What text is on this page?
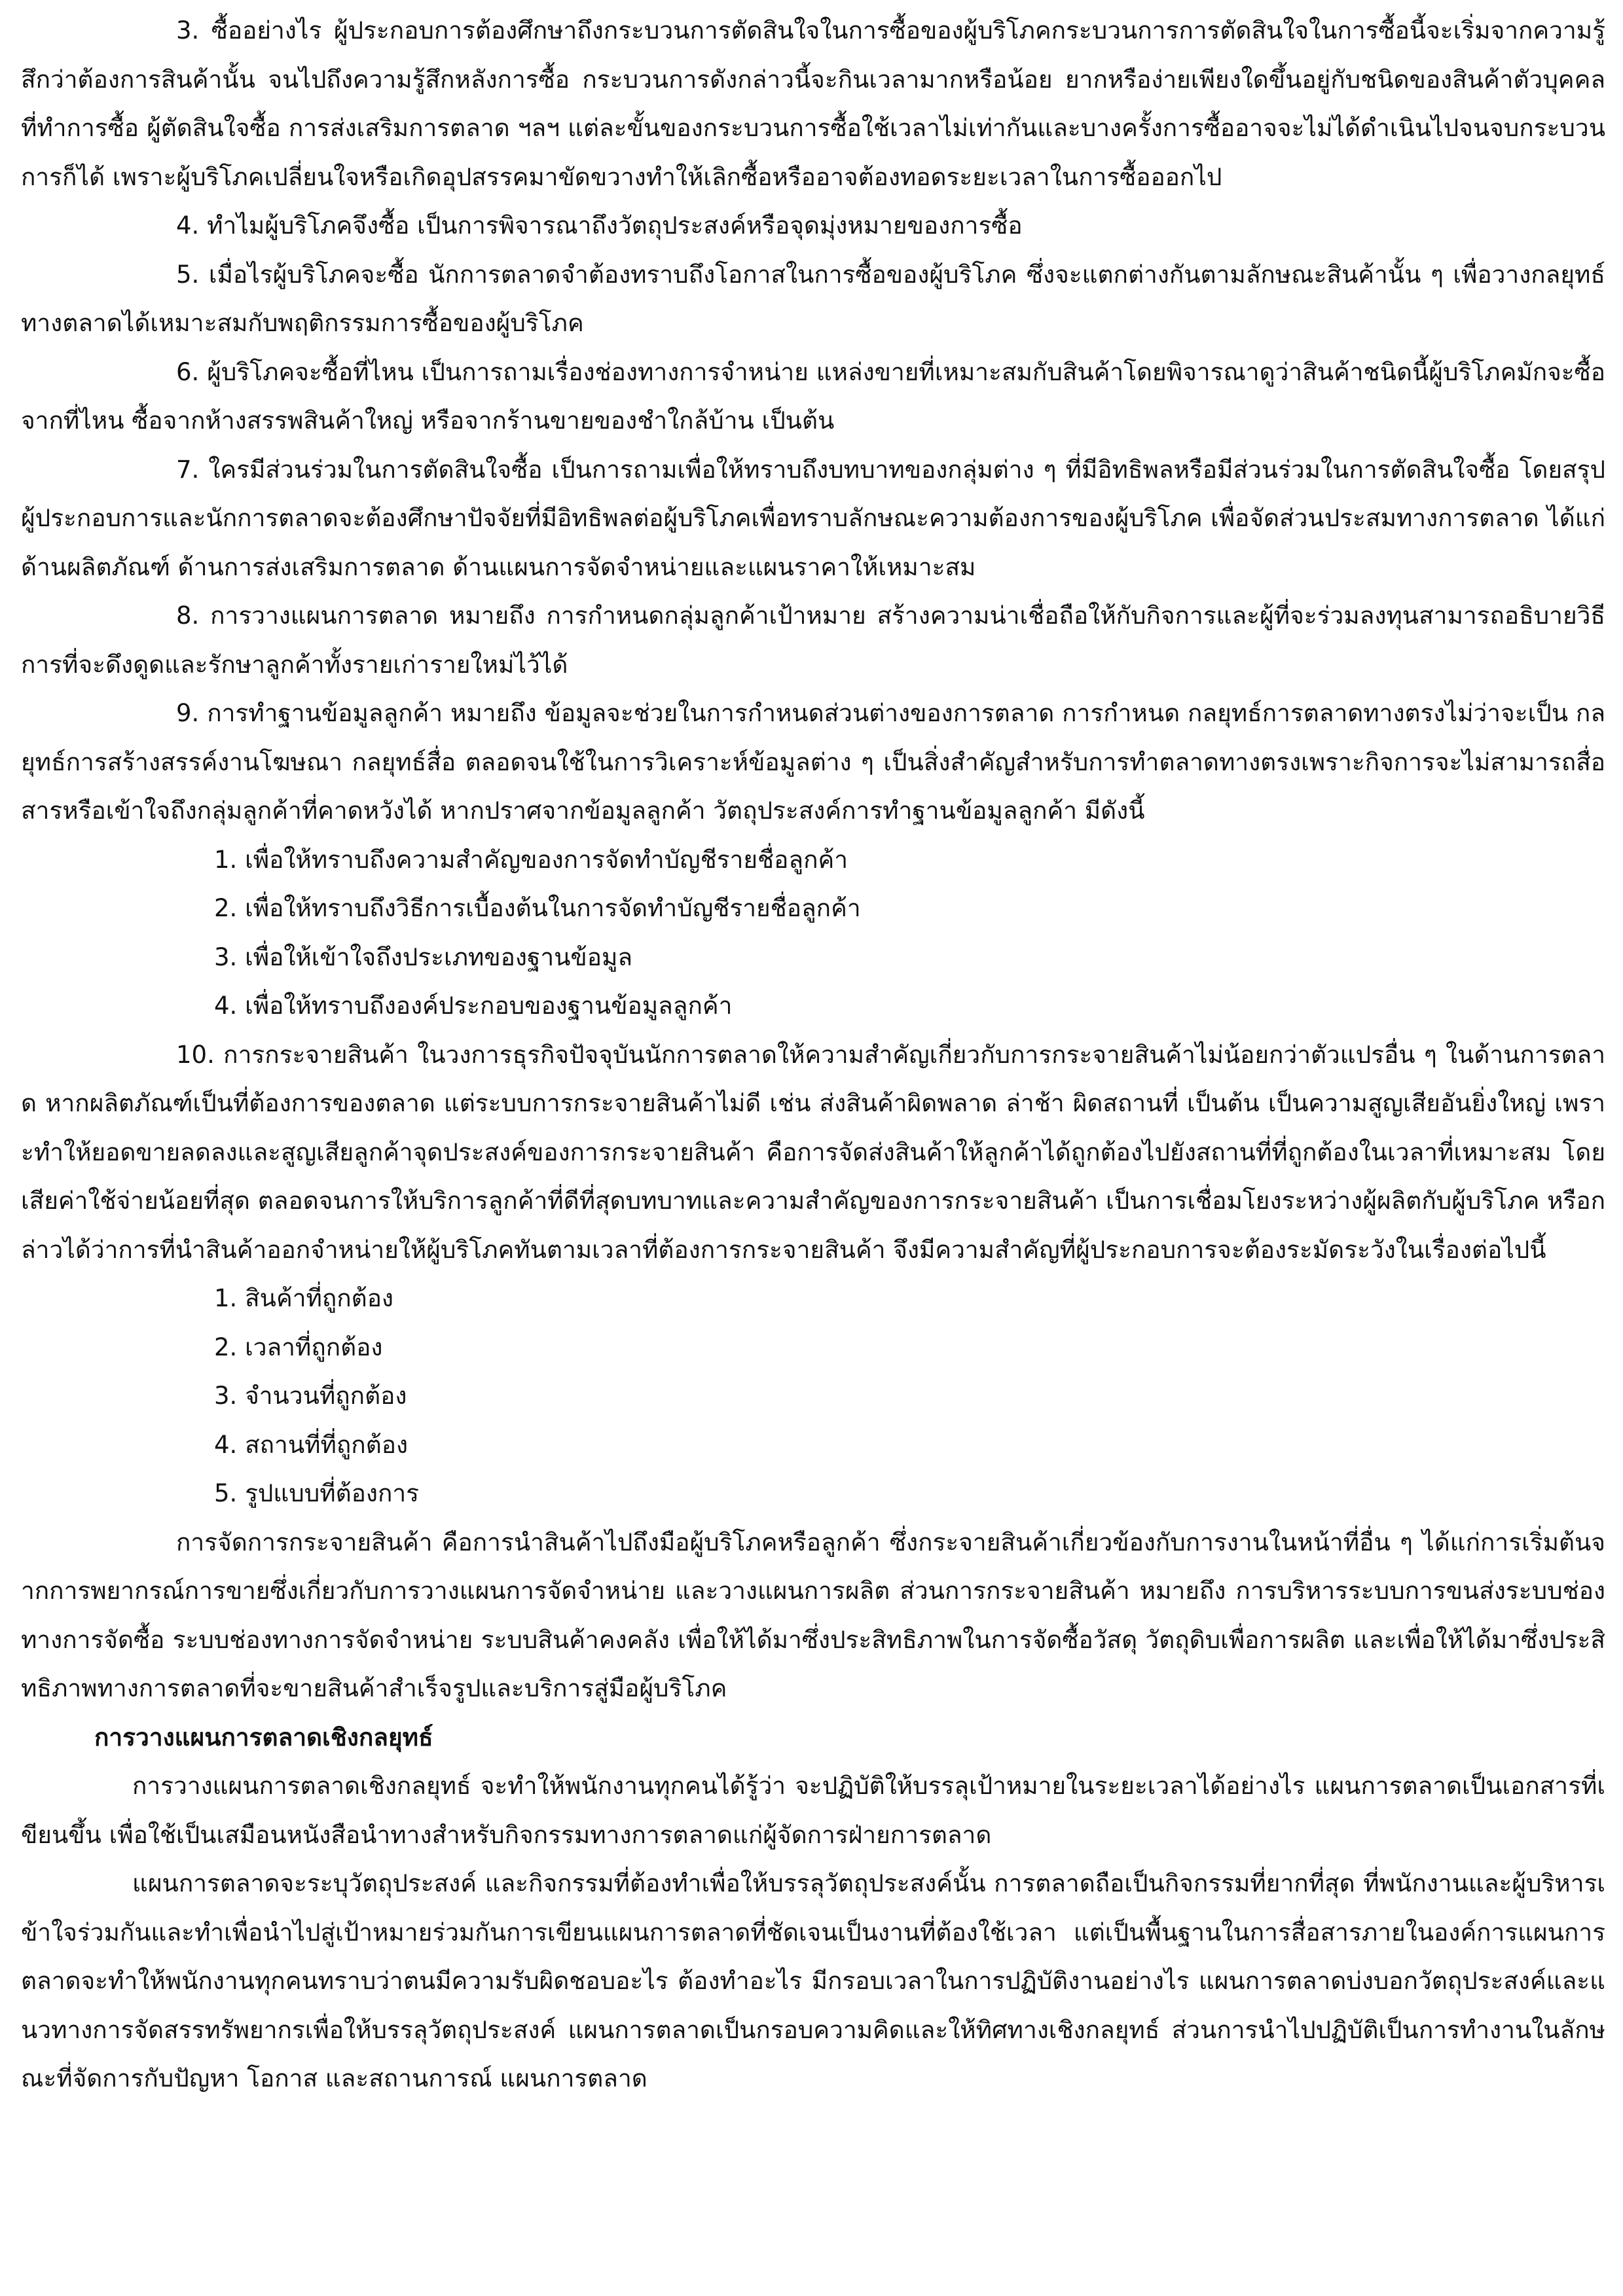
3. ซื้ออย่างไร ผู้ประกอบการต้องศึกษาถึงกระบวนการตัดสินใจในการซื้อของผู้บริโภคกระบวนการการตัดสินใจในการซื้อนี้จะเริ่มจากความรู้สึกว่าต้องการสินค้านั้น จนไปถึงความรู้สึกหลังการซื้อ กระบวนการดังกล่าวนี้จะกินเวลามากหรือน้อย ยากหรือง่ายเพียงใดขึ้นอยู่กับชนิดของสินค้าตัวบุคคลที่ทำการซื้อ ผู้ตัดสินใจซื้อ การส่งเสริมการตลาด ฯลฯ แต่ละขั้นของกระบวนการซื้อใช้เวลาไม่เท่ากันและบางครั้งการซื้ออาจจะไม่ได้ดำเนินไปจนจบกระบวนการก็ได้ เพราะผู้บริโภคเปลี่ยนใจหรือเกิดอุปสรรคมาขัดขวางทำให้เลิกซื้อหรืออาจต้องทอดระยะเวลาในการซื้อออกไป

4. ทำไมผู้บริโภคจึงซื้อ เป็นการพิจารณาถึงวัตถุประสงค์หรือจุดมุ่งหมายของการซื้อ

5. เมื่อไรผู้บริโภคจะซื้อ นักการตลาดจำต้องทราบถึงโอกาสในการซื้อของผู้บริโภค ซึ่งจะแตกต่างกันตามลักษณะสินค้านั้น ๆ เพื่อวางกลยุทธ์ทางตลาดได้เหมาะสมกับพฤติกรรมการซื้อของผู้บริโภค

6. ผู้บริโภคจะซื้อที่ไหน เป็นการถามเรื่องช่องทางการจำหน่าย แหล่งขายที่เหมาะสมกับสินค้าโดยพิจารณาดูว่าสินค้าชนิดนี้ผู้บริโภคมักจะซื้อจากที่ไหน ซื้อจากห้างสรรพสินค้าใหญ่ หรือจากร้านขายของชำใกล้บ้าน เป็นต้น

7. ใครมีส่วนร่วมในการตัดสินใจซื้อ เป็นการถามเพื่อให้ทราบถึงบทบาทของกลุ่มต่าง ๆ ที่มีอิทธิพลหรือมีส่วนร่วมในการตัดสินใจซื้อ โดยสรุป ผู้ประกอบการและนักการตลาดจะต้องศึกษาปัจจัยที่มีอิทธิพลต่อผู้บริโภคเพื่อทราบลักษณะความต้องการของผู้บริโภค เพื่อจัดส่วนประสมทางการตลาด ได้แก่ ด้านผลิตภัณฑ์ ด้านการส่งเสริมการตลาด ด้านแผนการจัดจำหน่ายและแผนราคาให้เหมาะสม

8. การวางแผนการตลาด หมายถึง การกำหนดกลุ่มลูกค้าเป้าหมาย สร้างความน่าเชื่อถือให้กับกิจการและผู้ที่จะร่วมลงทุนสามารถอธิบายวิธีการที่จะดึงดูดและรักษาลูกค้าทั้งรายเก่ารายใหม่ไว้ได้

9. การทำฐานข้อมูลลูกค้า หมายถึง ข้อมูลจะช่วยในการกำหนดส่วนต่างของการตลาด การกำหนด กลยุทธ์การตลาดทางตรงไม่ว่าจะเป็น กลยุทธ์การสร้างสรรค์งานโฆษณา กลยุทธ์สื่อ ตลอดจนใช้ในการวิเคราะห์ข้อมูลต่าง ๆ เป็นสิ่งสำคัญสำหรับการทำตลาดทางตรงเพราะกิจการจะไม่สามารถสื่อสารหรือเข้าใจถึงกลุ่มลูกค้าที่คาดหวังได้ หากปราศจากข้อมูลลูกค้า วัตถุประสงค์การทำฐานข้อมูลลูกค้า มีดังนี้

1. เพื่อให้ทราบถึงความสำคัญของการจัดทำบัญชีรายชื่อลูกค้า
2. เพื่อให้ทราบถึงวิธีการเบื้องต้นในการจัดทำบัญชีรายชื่อลูกค้า
3. เพื่อให้เข้าใจถึงประเภทของฐานข้อมูล
4. เพื่อให้ทราบถึงองค์ประกอบของฐานข้อมูลลูกค้า

10. การกระจายสินค้า ในวงการธุรกิจปัจจุบันนักการตลาดให้ความสำคัญเกี่ยวกับการกระจายสินค้าไม่น้อยกว่าตัวแปรอื่น ๆ ในด้านการตลาด หากผลิตภัณฑ์เป็นที่ต้องการของตลาด แต่ระบบการกระจายสินค้าไม่ดี เช่น ส่งสินค้าผิดพลาด ล่าช้า ผิดสถานที่ เป็นต้น เป็นความสูญเสียอันยิ่งใหญ่ เพราะทำให้ยอดขายลดลงและสูญเสียลูกค้าจุดประสงค์ของการกระจายสินค้า คือการจัดส่งสินค้าให้ลูกค้าได้ถูกต้องไปยังสถานที่ที่ถูกต้องในเวลาที่เหมาะสม โดยเสียค่าใช้จ่ายน้อยที่สุด ตลอดจนการให้บริการลูกค้าที่ดีที่สุดบทบาทและความสำคัญของการกระจายสินค้า เป็นการเชื่อมโยงระหว่างผู้ผลิตกับผู้บริโภค หรือกล่าวได้ว่าการที่นำสินค้าออกจำหน่ายให้ผู้บริโภคทันตามเวลาที่ต้องการกระจายสินค้า จึงมีความสำคัญที่ผู้ประกอบการจะต้องระมัดระวังในเรื่องต่อไปนี้

1. สินค้าที่ถูกต้อง
2. เวลาที่ถูกต้อง
3. จำนวนที่ถูกต้อง
4. สถานที่ที่ถูกต้อง
5. รูปแบบที่ต้องการ

การจัดการกระจายสินค้า คือการนำสินค้าไปถึงมือผู้บริโภคหรือลูกค้า ซึ่งกระจายสินค้าเกี่ยวข้องกับการงานในหน้าที่อื่น ๆ ได้แก่การเริ่มต้นจากการพยากรณ์การขายซึ่งเกี่ยวกับการวางแผนการจัดจำหน่าย และวางแผนการผลิต ส่วนการกระจายสินค้า หมายถึง การบริหารระบบการขนส่งระบบช่องทางการจัดซื้อ ระบบช่องทางการจัดจำหน่าย ระบบสินค้าคงคลัง เพื่อให้ได้มาซึ่งประสิทธิภาพในการจัดซื้อวัสดุ วัตถุดิบเพื่อการผลิต และเพื่อให้ได้มาซึ่งประสิทธิภาพทางการตลาดที่จะขายสินค้าสำเร็จรูปและบริการสู่มือผู้บริโภค

การวางแผนการตลาดเชิงกลยุทธ์

การวางแผนการตลาดเชิงกลยุทธ์ จะทำให้พนักงานทุกคนได้รู้ว่า จะปฏิบัติให้บรรลุเป้าหมายในระยะเวลาได้อย่างไร แผนการตลาดเป็นเอกสารที่เขียนขึ้น เพื่อใช้เป็นเสมือนหนังสือนำทางสำหรับกิจกรรมทางการตลาดแก่ผู้จัดการฝ่ายการตลาด

แผนการตลาดจะระบุวัตถุประสงค์ และกิจกรรมที่ต้องทำเพื่อให้บรรลุวัตถุประสงค์นั้น การตลาดถือเป็นกิจกรรมที่ยากที่สุด ที่พนักงานและผู้บริหารเข้าใจร่วมกันและทำเพื่อนำไปสู่เป้าหมายร่วมกันการเขียนแผนการตลาดที่ชัดเจนเป็นงานที่ต้องใช้เวลา แต่เป็นพื้นฐานในการสื่อสารภายในองค์การแผนการตลาดจะทำให้พนักงานทุกคนทราบว่าตนมีความรับผิดชอบอะไร ต้องทำอะไร มีกรอบเวลาในการปฏิบัติงานอย่างไร แผนการตลาดบ่งบอกวัตถุประสงค์และแนวทางการจัดสรรทรัพยากรเพื่อให้บรรลุวัตถุประสงค์ แผนการตลาดเป็นกรอบความคิดและให้ทิศทางเชิงกลยุทธ์ ส่วนการนำไปปฏิบัติเป็นการทำงานในลักษณะที่จัดการกับปัญหา โอกาส และสถานการณ์ แผนการตลาด
